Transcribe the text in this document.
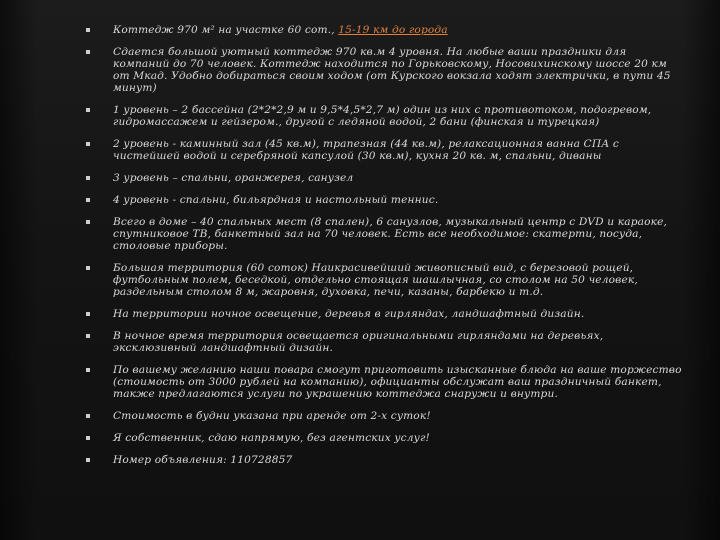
Коттедж 970 м² на участке 60 сот., 15-19 км до города
Сдается большой уютный коттедж 970 кв.м 4 уровня. На любые ваши праздники для компаний до 70 человек. Коттедж находится по Горьковскому, Носовихинскому шоссе 20 км от Мкад. Удобно добираться своим ходом (от Курского вокзала ходят электрички, в пути 45 минут)
1 уровень – 2 бассейна (2*2*2,9 м и 9,5*4,5*2,7 м) один из них с противотоком, подогревом, гидромассажем и гейзером., другой с ледяной водой, 2 бани (финская и турецкая)
2 уровень - каминный зал (45 кв.м), трапезная (44 кв.м), релаксационная ванна СПА с чистейшей водой и серебряной капсулой (30 кв.м), кухня 20 кв. м, спальни, диваны
3 уровень – спальни, оранжерея, санузел
4 уровень - спальни, бильярдная и настольный теннис.
Всего в доме – 40 спальных мест (8 спален), 6 санузлов, музыкальный центр с DVD и караоке, спутниковое ТВ, банкетный зал на 70 человек. Есть все необходимое: скатерти, посуда, столовые приборы.
Большая территория (60 соток) Наикрасивейший живописный вид, с березовой рощей, футбольным полем, беседкой, отдельно стоящая шашлычная, со столом на 50 человек, раздельным столом 8 м, жаровня, духовка, печи, казаны, барбекю и т.д.
На территории ночное освещение, деревья в гирляндах, ландшафтный дизайн.
В ночное время территория освещается оригинальными гирляндами на деревьях, эксклюзивный ландшафтный дизайн.
По вашему желанию наши повара смогут приготовить изысканные блюда на ваше торжество (стоимость от 3000 рублей на компанию), официанты обслужат ваш праздничный банкет, также предлагаются услуги по украшению коттеджа снаружи и внутри.
Стоимость в будни указана при аренде от 2-х суток!
Я собственник, сдаю напрямую, без агентских услуг!
Номер объявления: 110728857
